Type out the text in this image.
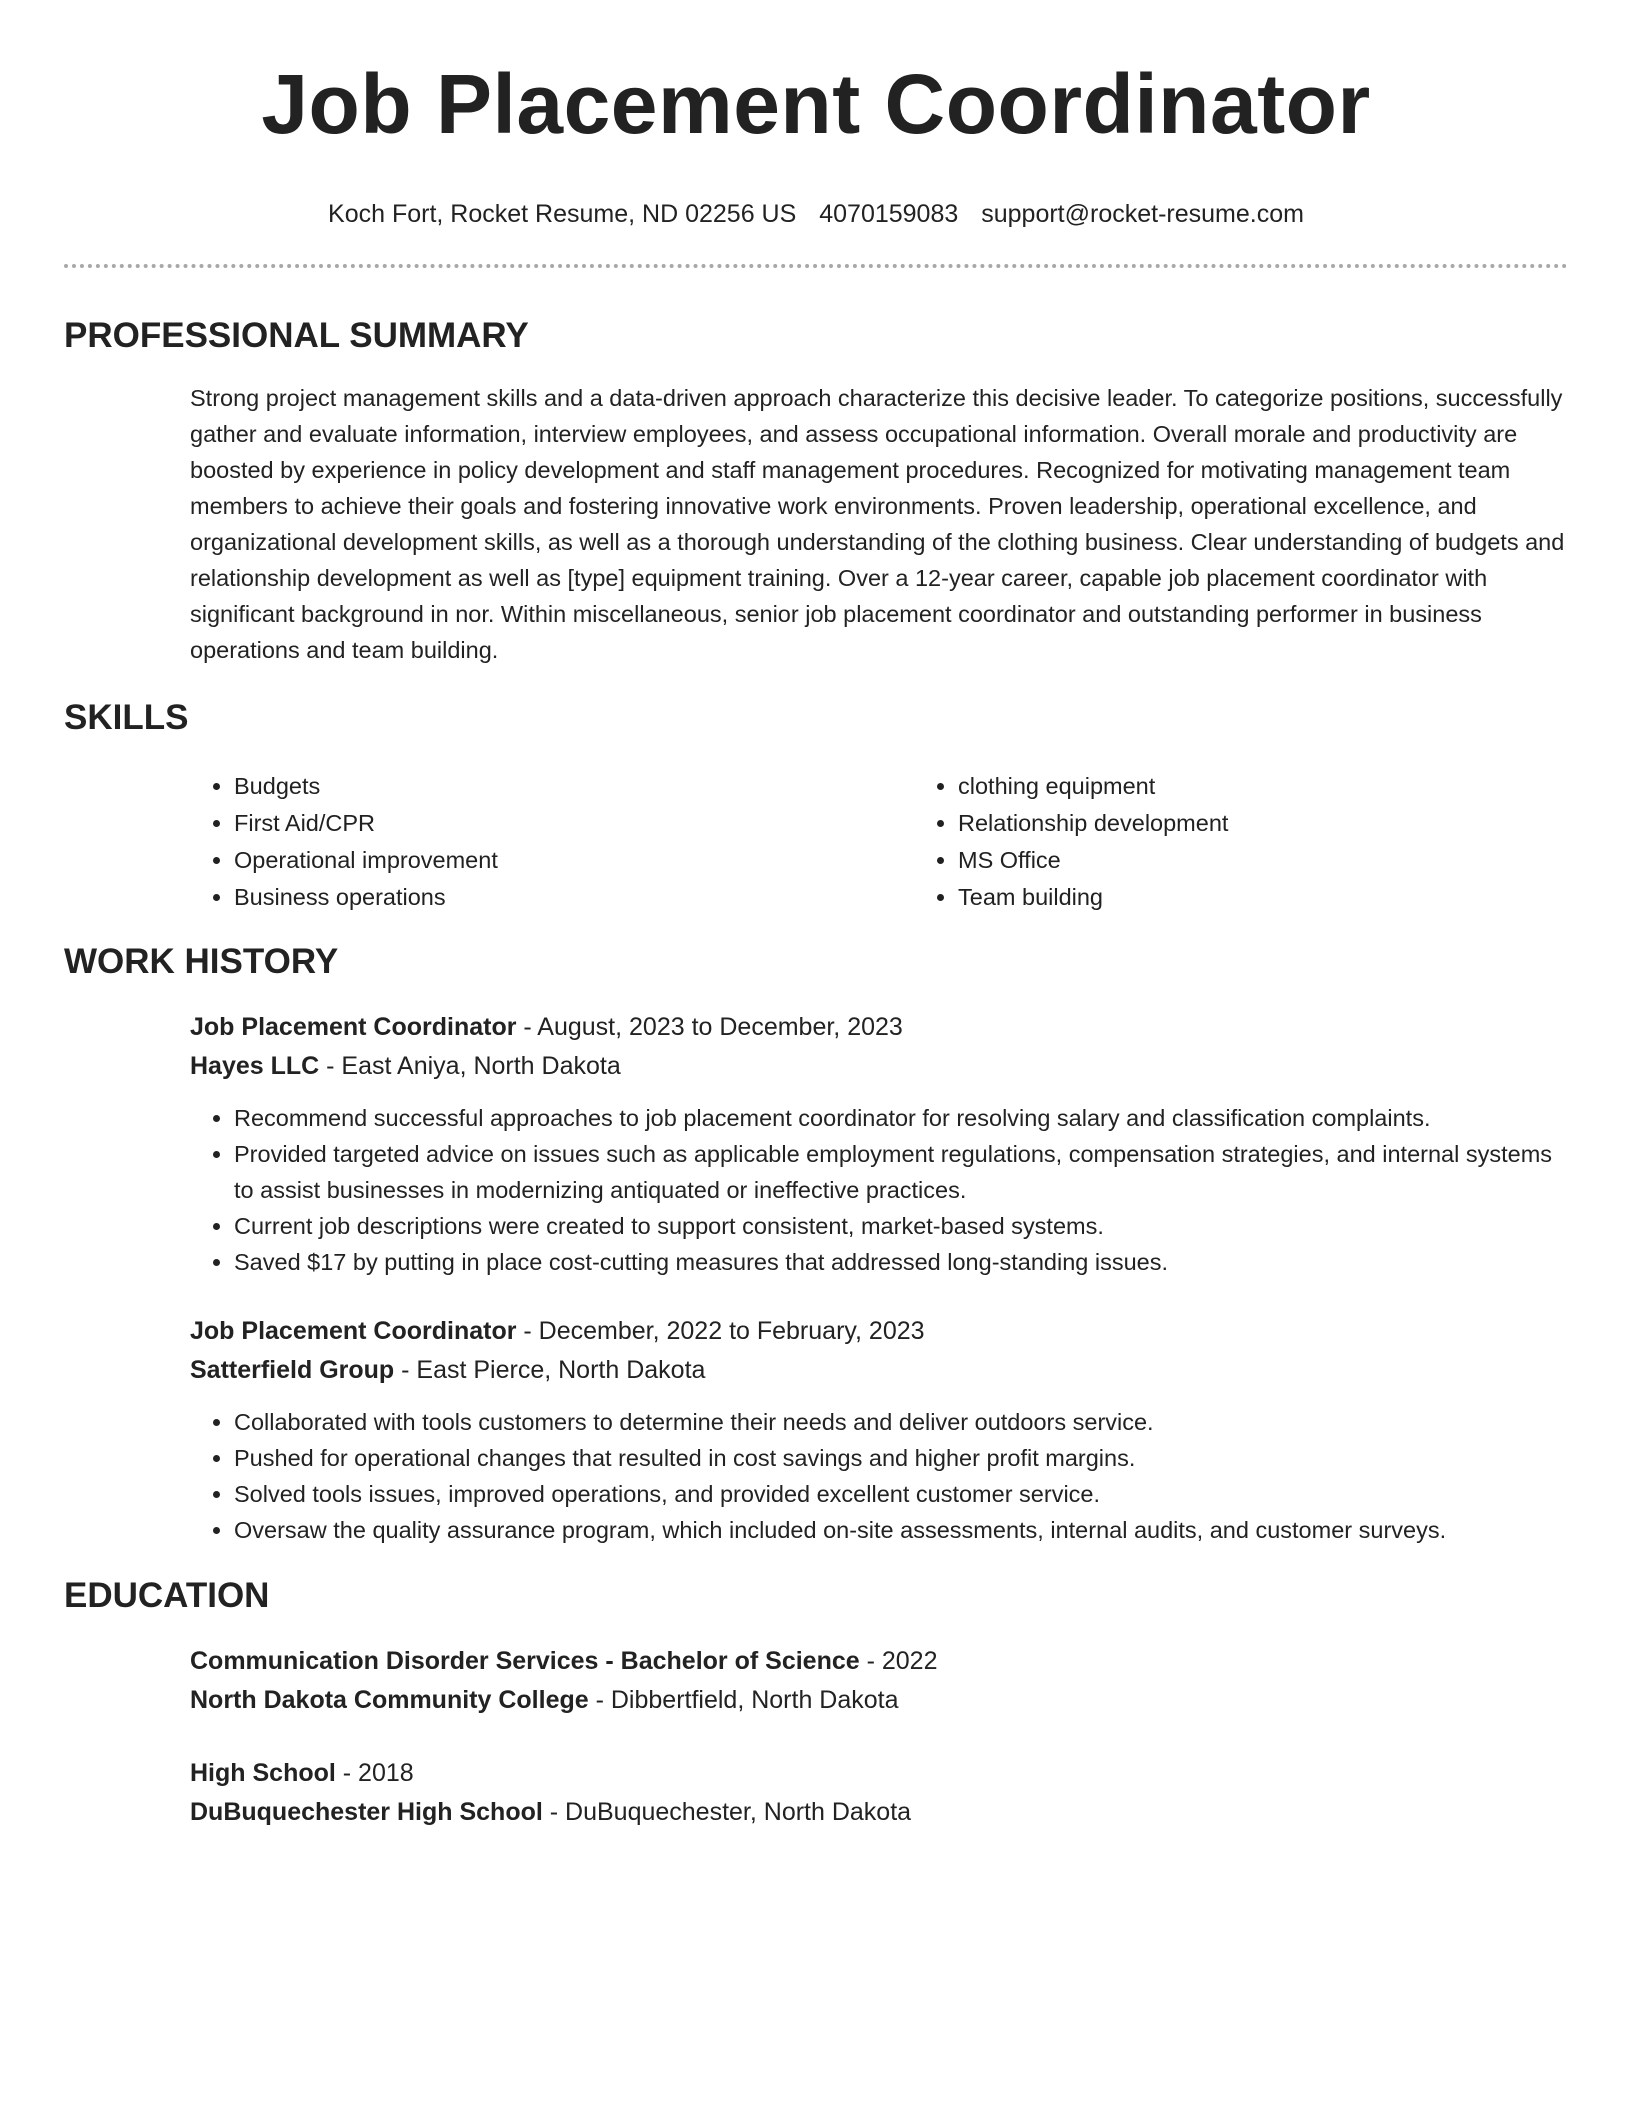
Job Placement Coordinator
Koch Fort, Rocket Resume, ND 02256 US 4070159083 support@rocket-resume.com
PROFESSIONAL SUMMARY

Strong project management skills and a data-driven approach characterize this decisive leader. To categorize positions, successfully gather and evaluate information, interview employees, and assess occupational information. Overall morale and productivity are boosted by experience in policy development and staff management procedures. Recognized for motivating management team members to achieve their goals and fostering innovative work environments. Proven leadership, operational excellence, and organizational development skills, as well as a thorough understanding of the clothing business. Clear understanding of budgets and relationship development as well as [type] equipment training. Over a 12-year career, capable job placement coordinator with significant background in nor. Within miscellaneous, senior job placement coordinator and outstanding performer in business operations and team building.

SKILLS
• Budgets
• First Aid/CPR
• Operational improvement
• Business operations
• clothing equipment
• Relationship development
• MS Office
• Team building
WORK HISTORY
Job Placement Coordinator - August, 2023 to December, 2023
Hayes LLC - East Aniya, North Dakota
• Recommend successful approaches to job placement coordinator for resolving salary and classification complaints.
• Provided targeted advice on issues such as applicable employment regulations, compensation strategies, and internal systems to assist businesses in modernizing antiquated or ineffective practices.
• Current job descriptions were created to support consistent, market-based systems.
• Saved $17 by putting in place cost-cutting measures that addressed long-standing issues.
Job Placement Coordinator - December, 2022 to February, 2023
Satterfield Group - East Pierce, North Dakota
• Collaborated with tools customers to determine their needs and deliver outdoors service.
• Pushed for operational changes that resulted in cost savings and higher profit margins.
• Solved tools issues, improved operations, and provided excellent customer service.
• Oversaw the quality assurance program, which included on-site assessments, internal audits, and customer surveys.
EDUCATION
Communication Disorder Services - Bachelor of Science - 2022
North Dakota Community College - Dibbertfield, North Dakota
High School - 2018
DuBuquechester High School - DuBuquechester, North Dakota
